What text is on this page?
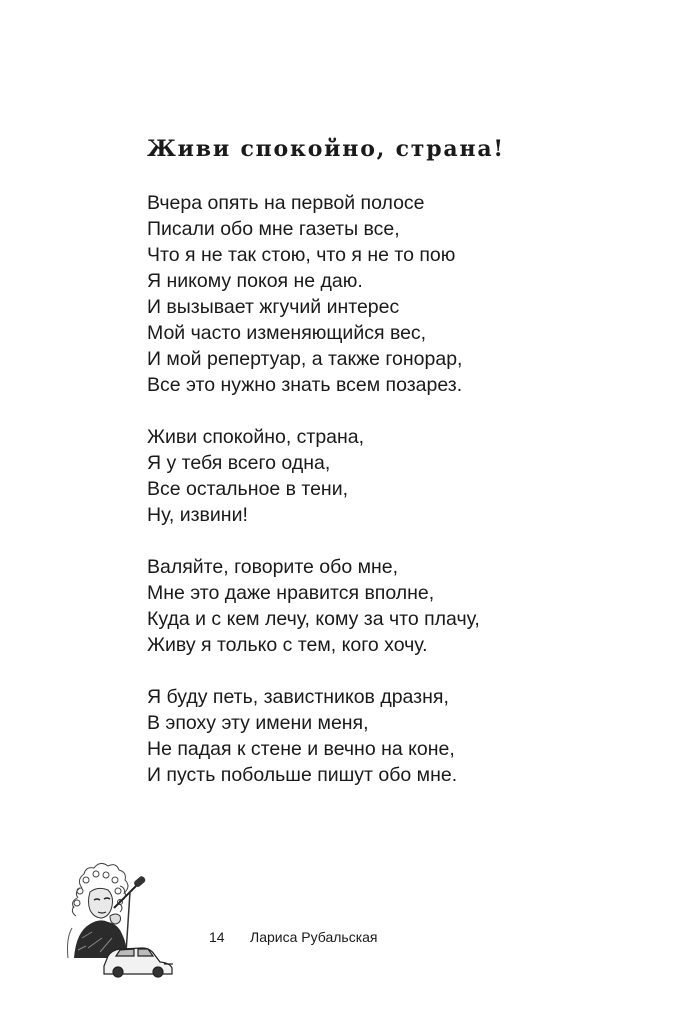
Живи спокойно, страна!

Вчера опять на первой полосе
Писали обо мне газеты все,
Что я не так стою, что я не то пою
Я никому покоя не даю.
И вызывает жгучий интерес
Мой часто изменяющийся вес,
И мой репертуар, а также гонорар,
Все это нужно знать всем позарез.

Живи спокойно, страна,
Я у тебя всего одна,
Все остальное в тени,
Ну, извини!

Валяйте, говорите обо мне,
Мне это даже нравится вполне,
Куда и с кем лечу, кому за что плачу,
Живу я только с тем, кого хочу.

Я буду петь, завистников дразня,
В эпоху эту имени меня,
Не падая к стене и вечно на коне,
И пусть побольше пишут обо мне.

14 Лариса Рубальская
